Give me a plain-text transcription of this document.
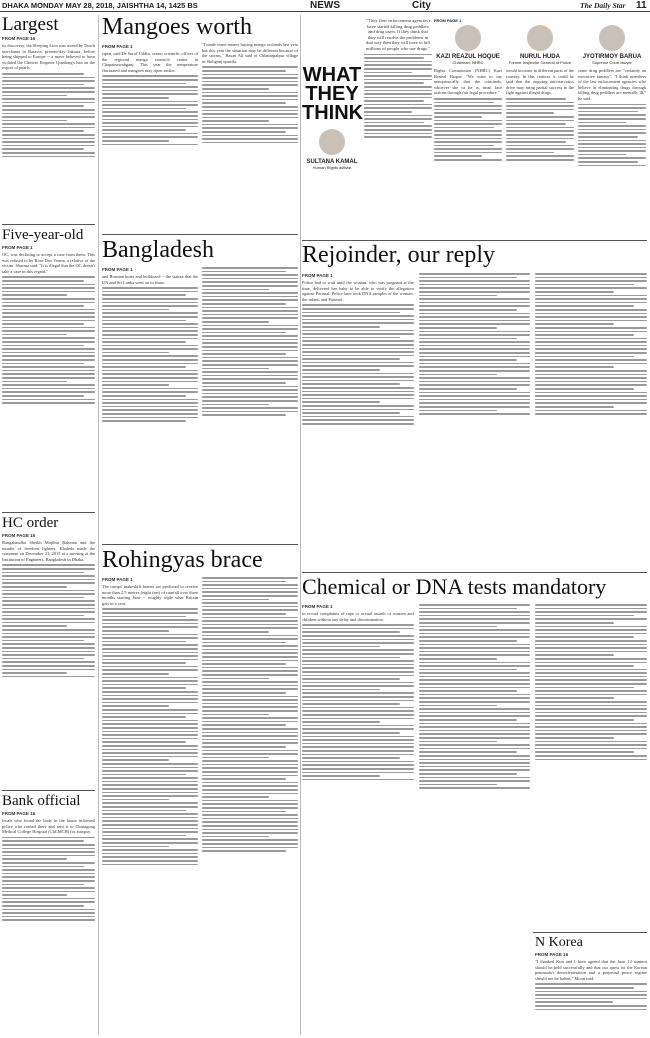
DHAKA MONDAY MAY 28, 2018, JAISHTHA 14, 1425 BS	NEWS	City	The Daily Star 11
Largest
FROM PAGE 16
its discovery, the Sleeping Lion was stored by Dutch merchants in Batavia, present-day Jakarta, before being shipped to Europe -- a move believed to have violated the Chinese Emperor Qianlong's ban on the export of pearls.
Five-year-old
FROM PAGE 1
OC, was declining to accept a case from them. This was refused to by Rose Doe Verma, a relative of the victim. Sharma said, "It is illegal that the OC doesn't take a case in this regard."
HC order
FROM PAGE 16
Bangabandhu Sheikh Mujibur Rahman and the murder of freedom fighters. Khaleda made the comment on December 21, 2015 at a meeting at the Institution of Engineers, Bangladesh in Dhaka.
Bank official
FROM PAGE 16
locals who found the body in the house informed police who rushed there and sent it to Chittagong Medical College Hospital (ChCMCH) for autopsy.
Mangoes worth
FROM PAGE 1
ripen, said Dr Sorof Uddin, senior scientific officer of the regional mango research centre in Chapainawabganj. This year the temperature fluctuated and mangoes may ripen earlier.
"I made some money buying mango orchards last year but this year the situation may be different because of the storms," Hasan Ali said of Chhatrapalpur village in Shibganj upazila.
Bangladesh
FROM PAGE 1
and Bosnian boats and bulldozed -- the statute that the UN and Sri Lanka went on to share.
Rohingyas brace
FROM PAGE 1
The camps' makeshift homes are predicted to receive more than 2.5 metres (eight feet) of rainfall over three months starting June -- roughly triple what Britain gets in a year.
WHAT THEY THINK
SULTANA KAMAL
Human Rights activist
"They (law enforcement agencies) have started killing drug peddlers and drug users. If they think that they will resolve the problems in that way then they will have to kill millions of people who use drugs."
FROM PAGE 1
KAZI REAZUL HOQUE
Chairman, NHRC
Rights Commission (NHRC) Kazi Reazul Hoque: "We want to say unequivocally that the criminals, whoever she or he is, must face actions through fair legal procedure."
NURUL HUDA
Former Inspector General of Police
would increase in different parts of the country. In this context, it could be said that the ongoing anti-narcotics drive may bring partial success to the fight against illegal drugs.
JYOTIRMOY BARUA
Supreme Court lawyer
some drug peddlers are "certainly an executive fantasy". "I think members of the law enforcement agencies who believe in eliminating drugs through killing drug peddlers are mentally ill," he said.
Rejoinder, our reply
FROM PAGE 1
Police had to wait until the woman, who was pregnant at the time, delivered her baby to be able to verify the allegation against Parimal. Police later took DNA samples of the woman, the infant, and Parimal.
Chemical or DNA tests mandatory
FROM PAGE 1
to record complaints of rape or sexual assault of women and children without any delay and discrimination.
N Korea
FROM PAGE 16
"I thanked Kim and I have agreed that the June 12 summit should be held successfully and that our quest for the Korean peninsula's denuclearisation and a perpetual peace regime should not be halted," Moon said.
